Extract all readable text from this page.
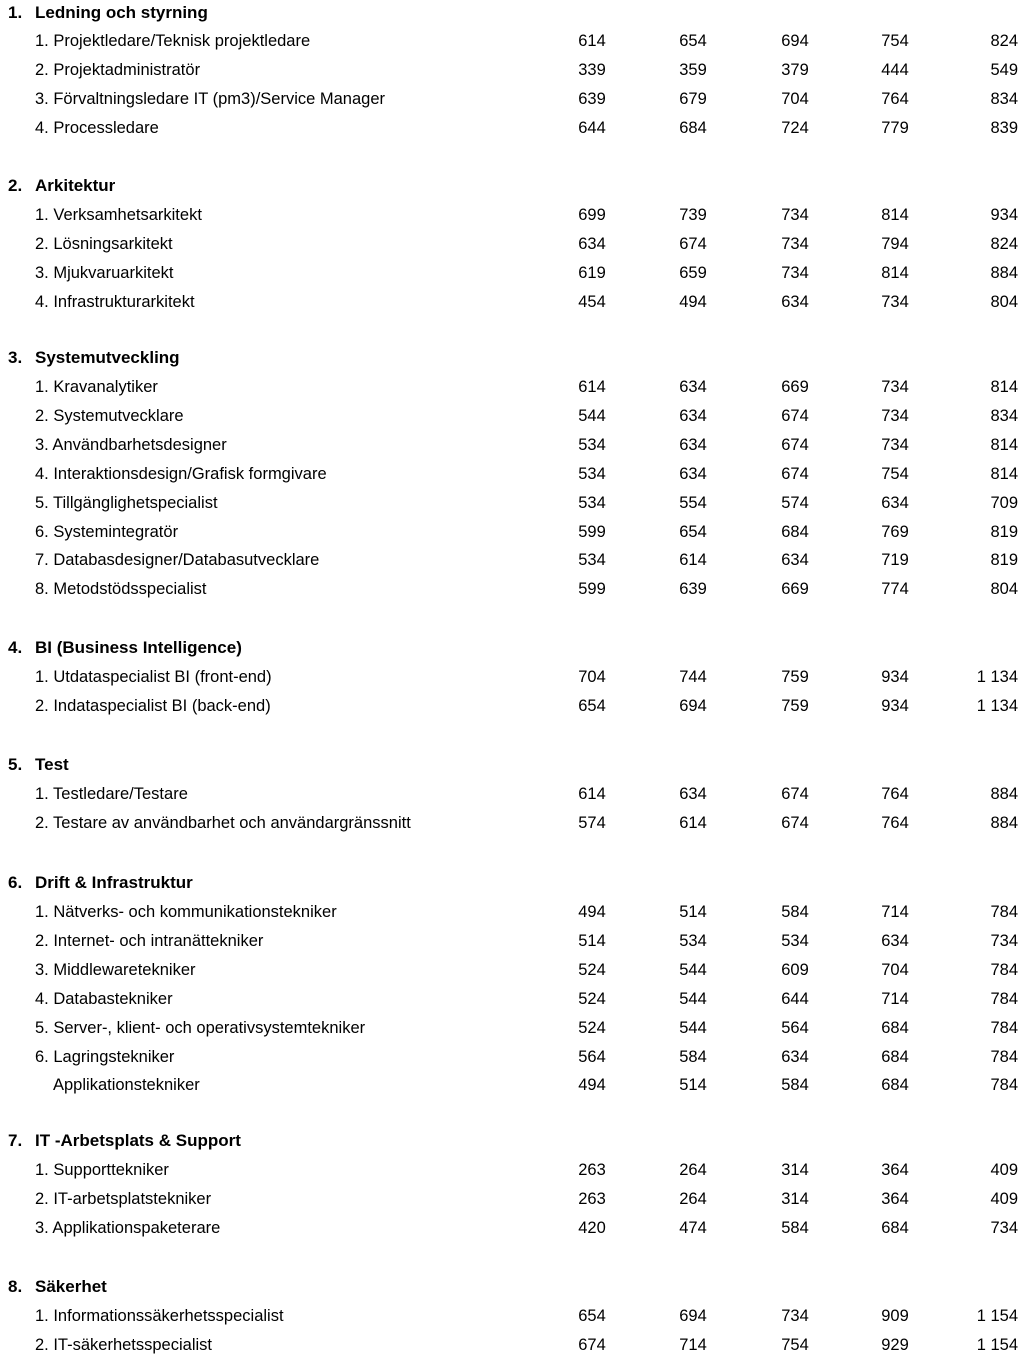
1. Ledning och styrning
1. Projektledare/Teknisk projektledare	614	654	694	754	824
2. Projektadministratör	339	359	379	444	549
3. Förvaltningsledare IT (pm3)/Service Manager	639	679	704	764	834
4. Processledare	644	684	724	779	839
2. Arkitektur
1. Verksamhetsarkitekt	699	739	734	814	934
2. Lösningsarkitekt	634	674	734	794	824
3. Mjukvaruarkitekt	619	659	734	814	884
4. Infrastrukturarkitekt	454	494	634	734	804
3. Systemutveckling
1. Kravanalytiker	614	634	669	734	814
2. Systemutvecklare	544	634	674	734	834
3. Användbarhetsdesigner	534	634	674	734	814
4. Interaktionsdesign/Grafisk formgivare	534	634	674	754	814
5. Tillgänglighetspecialist	534	554	574	634	709
6. Systemintegratör	599	654	684	769	819
7. Databasdesigner/Databasutvecklare	534	614	634	719	819
8. Metodstödsspecialist	599	639	669	774	804
4. BI (Business Intelligence)
1. Utdataspecialist BI (front-end)	704	744	759	934	1 134
2. Indataspecialist BI (back-end)	654	694	759	934	1 134
5. Test
1. Testledare/Testare	614	634	674	764	884
2. Testare av användbarhet och användargränssnitt	574	614	674	764	884
6. Drift & Infrastruktur
1. Nätverks- och kommunikationstekniker	494	514	584	714	784
2. Internet- och intranättekniker	514	534	534	634	734
3. Middlewaretekniker	524	544	609	704	784
4. Databastekniker	524	544	644	714	784
5. Server-, klient- och operativsystemtekniker	524	544	564	684	784
6. Lagringstekniker	564	584	634	684	784
Applikationstekniker	494	514	584	684	784
7. IT -Arbetsplats & Support
1. Supporttekniker	263	264	314	364	409
2. IT-arbetsplatstekniker	263	264	314	364	409
3. Applikationspaketerare	420	474	584	684	734
8. Säkerhet
1. Informationssäkerhetsspecialist	654	694	734	909	1 154
2. IT-säkerhetsspecialist	674	714	754	929	1 154
